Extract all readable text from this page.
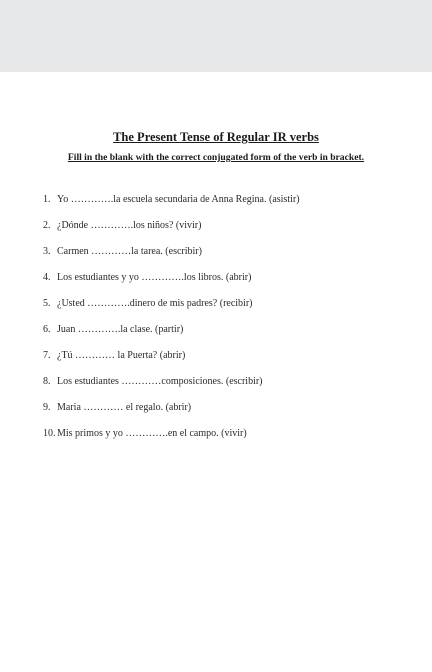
The Present Tense of Regular IR verbs
Fill in the blank with the correct conjugated form of the verb in bracket.
1. Yo ………….la escuela secundaria de Anna Regina. (asistir)
2. ¿Dónde ………….los niños? (vivir)
3. Carmen …………la tarea. (escribir)
4. Los estudiantes y yo ………….los libros. (abrir)
5. ¿Usted ………….dinero de mis padres? (recibir)
6. Juan ………….la clase. (partir)
7. ¿Tú ………… la Puerta? (abrir)
8. Los estudiantes …………composiciones. (escribir)
9. Maria ………… el regalo. (abrir)
10. Mis primos y yo ………….en el campo. (vivir)
